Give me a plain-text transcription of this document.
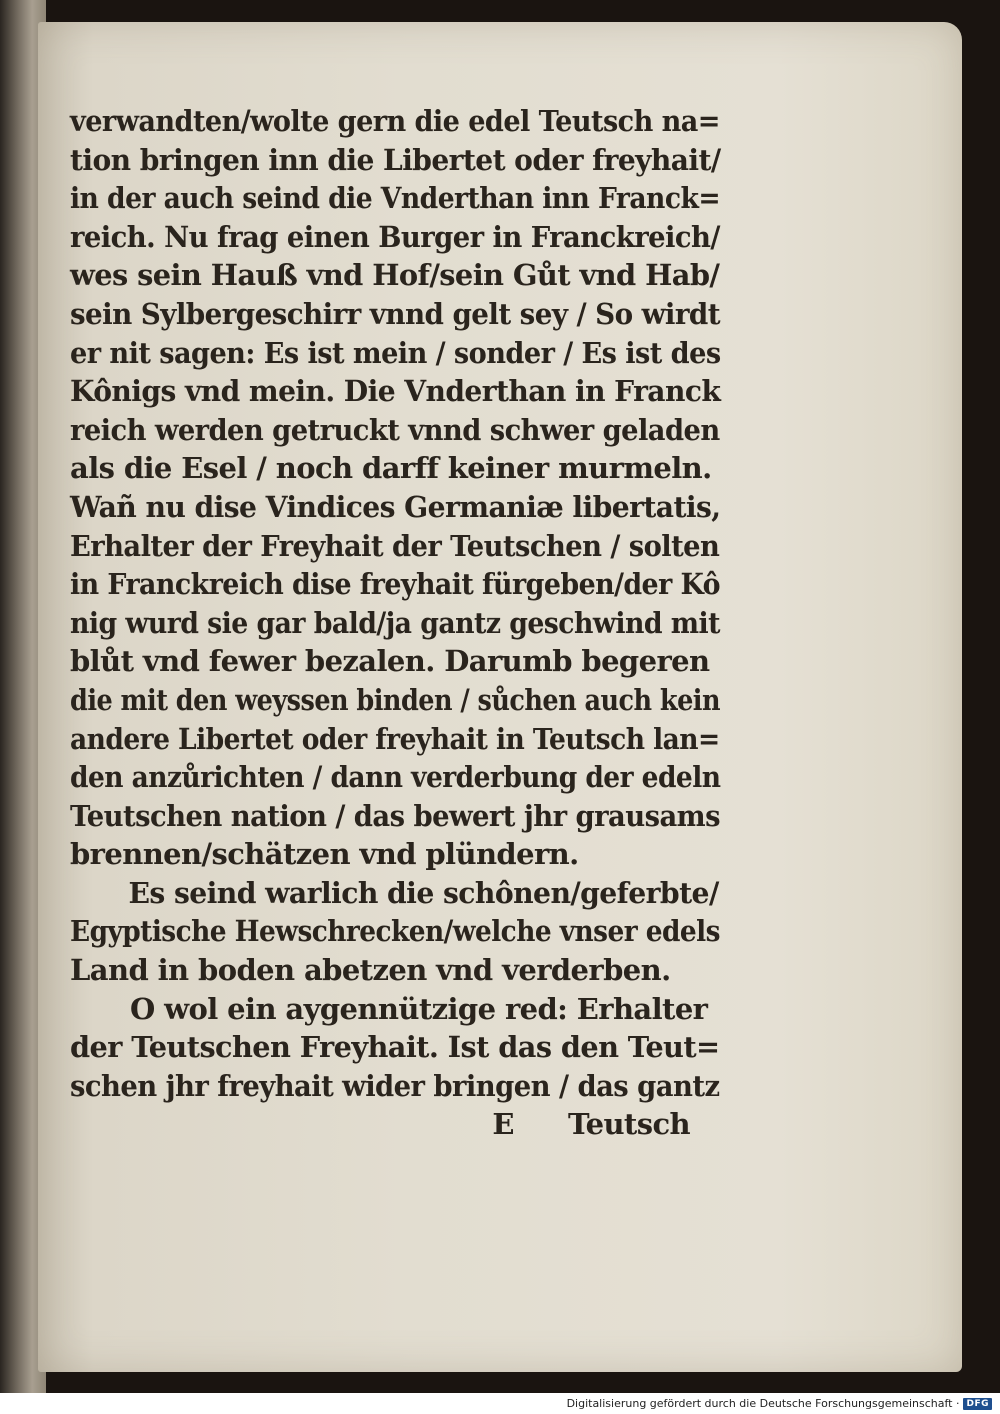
verwandten/wolte gern die edel Teutsch na=
tion bringen inn die Libertet oder freyhait/
in der auch seind die Vnderthan inn Franck=
reich. Nu frag einen Burger in Franckreich/
wes sein Hauß vnd Hof/sein Gůt vnd Hab/
sein Sylbergeschirr vnnd gelt sey / So wirdt
er nit sagen: Es ist mein / sonder / Es ist des
Kônigs vnd mein. Die Vnderthan in Franck
reich werden getruckt vnnd schwer geladen
als die Esel / noch darff keiner murmeln.
Wañ nu dise Vindices Germaniæ libertatis,
Erhalter der Freyhait der Teutschen / solten
in Franckreich dise freyhait fürgeben/der Kô
nig wurd sie gar bald/ja gantz geschwind mit
blůt vnd fewer bezalen. Darumb begeren
die mit den weyssen binden / sůchen auch kein
andere Libertet oder freyhait in Teutsch lan=
den anzůrichten / dann verderbung der edeln
Teutschen nation / das bewert jhr grausams
brennen/schätzen vnd plündern.
Es seind warlich die schônen/geferbte/
Egyptische Hewschrecken/welche vnser edels
Land in boden abetzen vnd verderben.
O wol ein aygennützige red: Erhalter
der Teutschen Freyhait. Ist das den Teut=
schen jhr freyhait wider bringen / das gantz
E Teutsch
Digitalisierung gefördert durch die Deutsche Forschungsgemeinschaft · DFG
